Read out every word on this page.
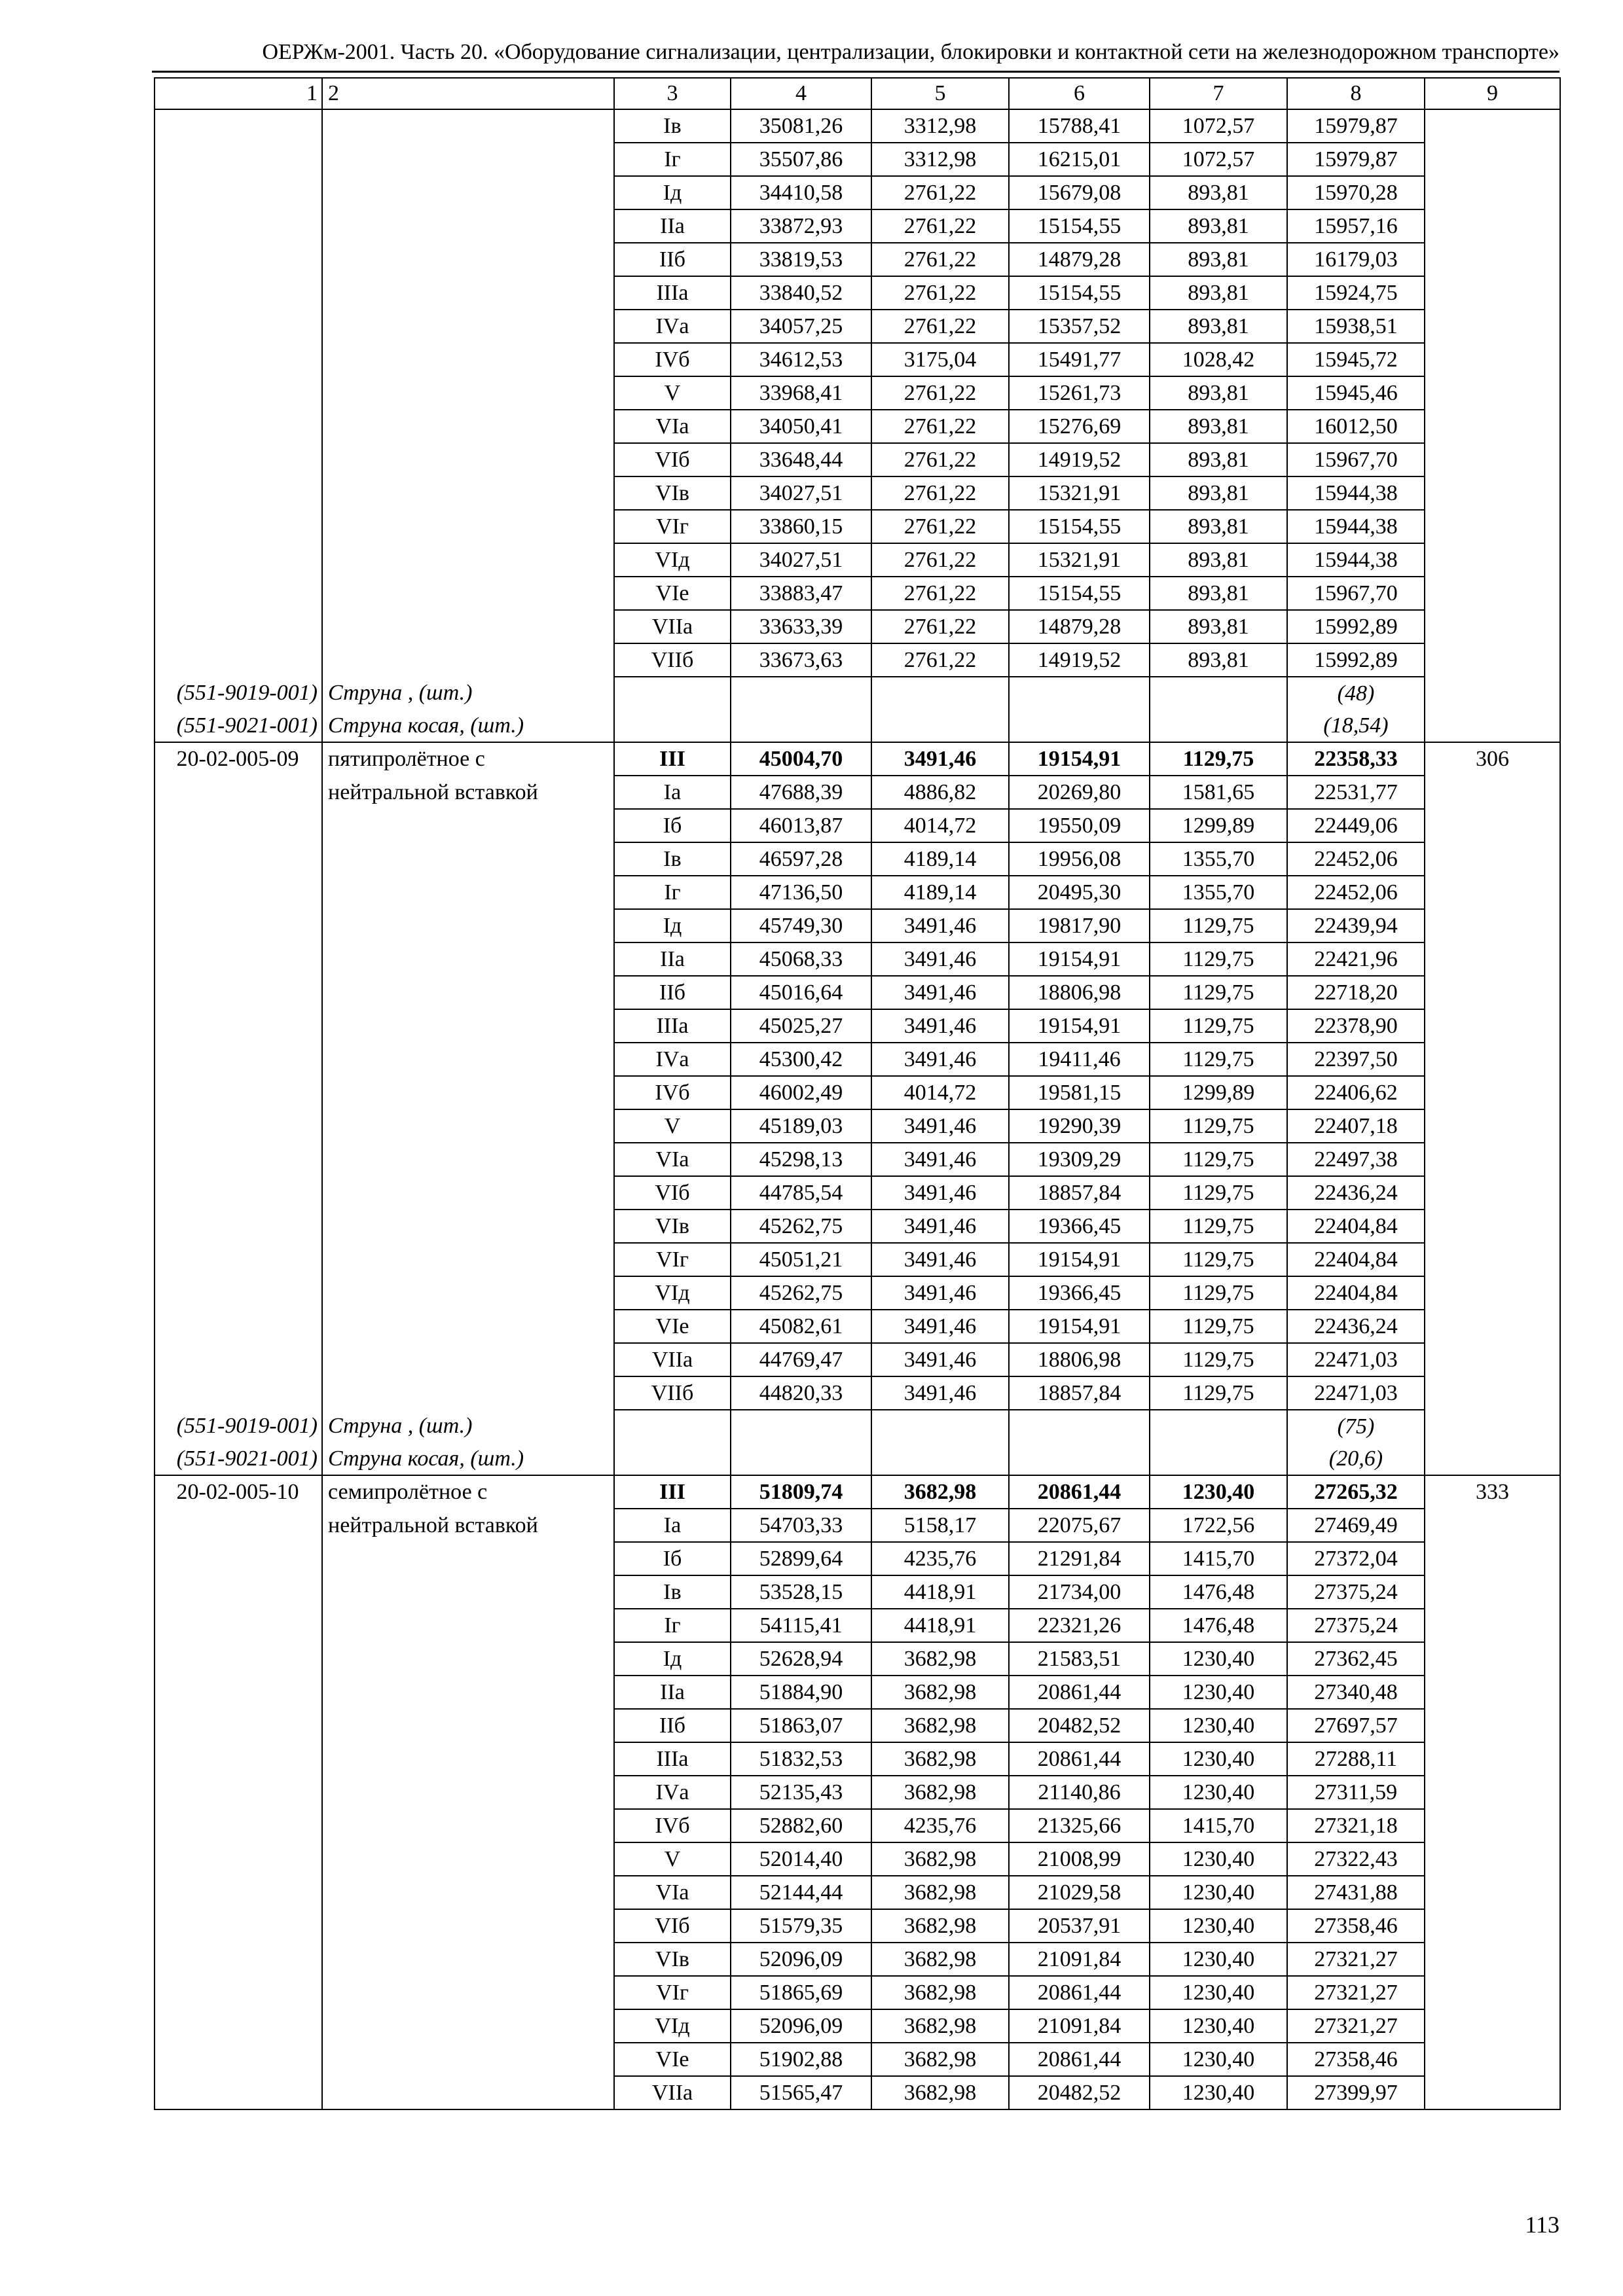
ОЕРЖм-2001. Часть 20. «Оборудование сигнализации, централизации, блокировки и контактной сети на железнодорожном транспорте»
1	2	3	4	5	6	7	8	9
		Iв	35081,26	3312,98	15788,41	1072,57	15979,87	
		Iг	35507,86	3312,98	16215,01	1072,57	15979,87	
		Iд	34410,58	2761,22	15679,08	893,81	15970,28	
		IIа	33872,93	2761,22	15154,55	893,81	15957,16	
		IIб	33819,53	2761,22	14879,28	893,81	16179,03	
		IIIа	33840,52	2761,22	15154,55	893,81	15924,75	
		IVа	34057,25	2761,22	15357,52	893,81	15938,51	
		IVб	34612,53	3175,04	15491,77	1028,42	15945,72	
		V	33968,41	2761,22	15261,73	893,81	15945,46	
		VIа	34050,41	2761,22	15276,69	893,81	16012,50	
		VIб	33648,44	2761,22	14919,52	893,81	15967,70	
		VIв	34027,51	2761,22	15321,91	893,81	15944,38	
		VIг	33860,15	2761,22	15154,55	893,81	15944,38	
		VIд	34027,51	2761,22	15321,91	893,81	15944,38	
		VIе	33883,47	2761,22	15154,55	893,81	15967,70	
		VIIа	33633,39	2761,22	14879,28	893,81	15992,89	
		VIIб	33673,63	2761,22	14919,52	893,81	15992,89	
(551-9019-001)	Струна , (шт.)						(48)	
(551-9021-001)	Струна косая, (шт.)						(18,54)	
20-02-005-09	пятипролётное с	III	45004,70	3491,46	19154,91	1129,75	22358,33	306
	нейтральной вставкой	Iа	47688,39	4886,82	20269,80	1581,65	22531,77	
		Iб	46013,87	4014,72	19550,09	1299,89	22449,06	
		Iв	46597,28	4189,14	19956,08	1355,70	22452,06	
		Iг	47136,50	4189,14	20495,30	1355,70	22452,06	
		Iд	45749,30	3491,46	19817,90	1129,75	22439,94	
		IIа	45068,33	3491,46	19154,91	1129,75	22421,96	
		IIб	45016,64	3491,46	18806,98	1129,75	22718,20	
		IIIа	45025,27	3491,46	19154,91	1129,75	22378,90	
		IVа	45300,42	3491,46	19411,46	1129,75	22397,50	
		IVб	46002,49	4014,72	19581,15	1299,89	22406,62	
		V	45189,03	3491,46	19290,39	1129,75	22407,18	
		VIа	45298,13	3491,46	19309,29	1129,75	22497,38	
		VIб	44785,54	3491,46	18857,84	1129,75	22436,24	
		VIв	45262,75	3491,46	19366,45	1129,75	22404,84	
		VIг	45051,21	3491,46	19154,91	1129,75	22404,84	
		VIд	45262,75	3491,46	19366,45	1129,75	22404,84	
		VIе	45082,61	3491,46	19154,91	1129,75	22436,24	
		VIIа	44769,47	3491,46	18806,98	1129,75	22471,03	
		VIIб	44820,33	3491,46	18857,84	1129,75	22471,03	
(551-9019-001)	Струна , (шт.)						(75)	
(551-9021-001)	Струна косая, (шт.)						(20,6)	
20-02-005-10	семипролётное с	III	51809,74	3682,98	20861,44	1230,40	27265,32	333
	нейтральной вставкой	Iа	54703,33	5158,17	22075,67	1722,56	27469,49	
		Iб	52899,64	4235,76	21291,84	1415,70	27372,04	
		Iв	53528,15	4418,91	21734,00	1476,48	27375,24	
		Iг	54115,41	4418,91	22321,26	1476,48	27375,24	
		Iд	52628,94	3682,98	21583,51	1230,40	27362,45	
		IIа	51884,90	3682,98	20861,44	1230,40	27340,48	
		IIб	51863,07	3682,98	20482,52	1230,40	27697,57	
		IIIа	51832,53	3682,98	20861,44	1230,40	27288,11	
		IVа	52135,43	3682,98	21140,86	1230,40	27311,59	
		IVб	52882,60	4235,76	21325,66	1415,70	27321,18	
		V	52014,40	3682,98	21008,99	1230,40	27322,43	
		VIа	52144,44	3682,98	21029,58	1230,40	27431,88	
		VIб	51579,35	3682,98	20537,91	1230,40	27358,46	
		VIв	52096,09	3682,98	21091,84	1230,40	27321,27	
		VIг	51865,69	3682,98	20861,44	1230,40	27321,27	
		VIд	52096,09	3682,98	21091,84	1230,40	27321,27	
		VIе	51902,88	3682,98	20861,44	1230,40	27358,46	
		VIIа	51565,47	3682,98	20482,52	1230,40	27399,97	
113
